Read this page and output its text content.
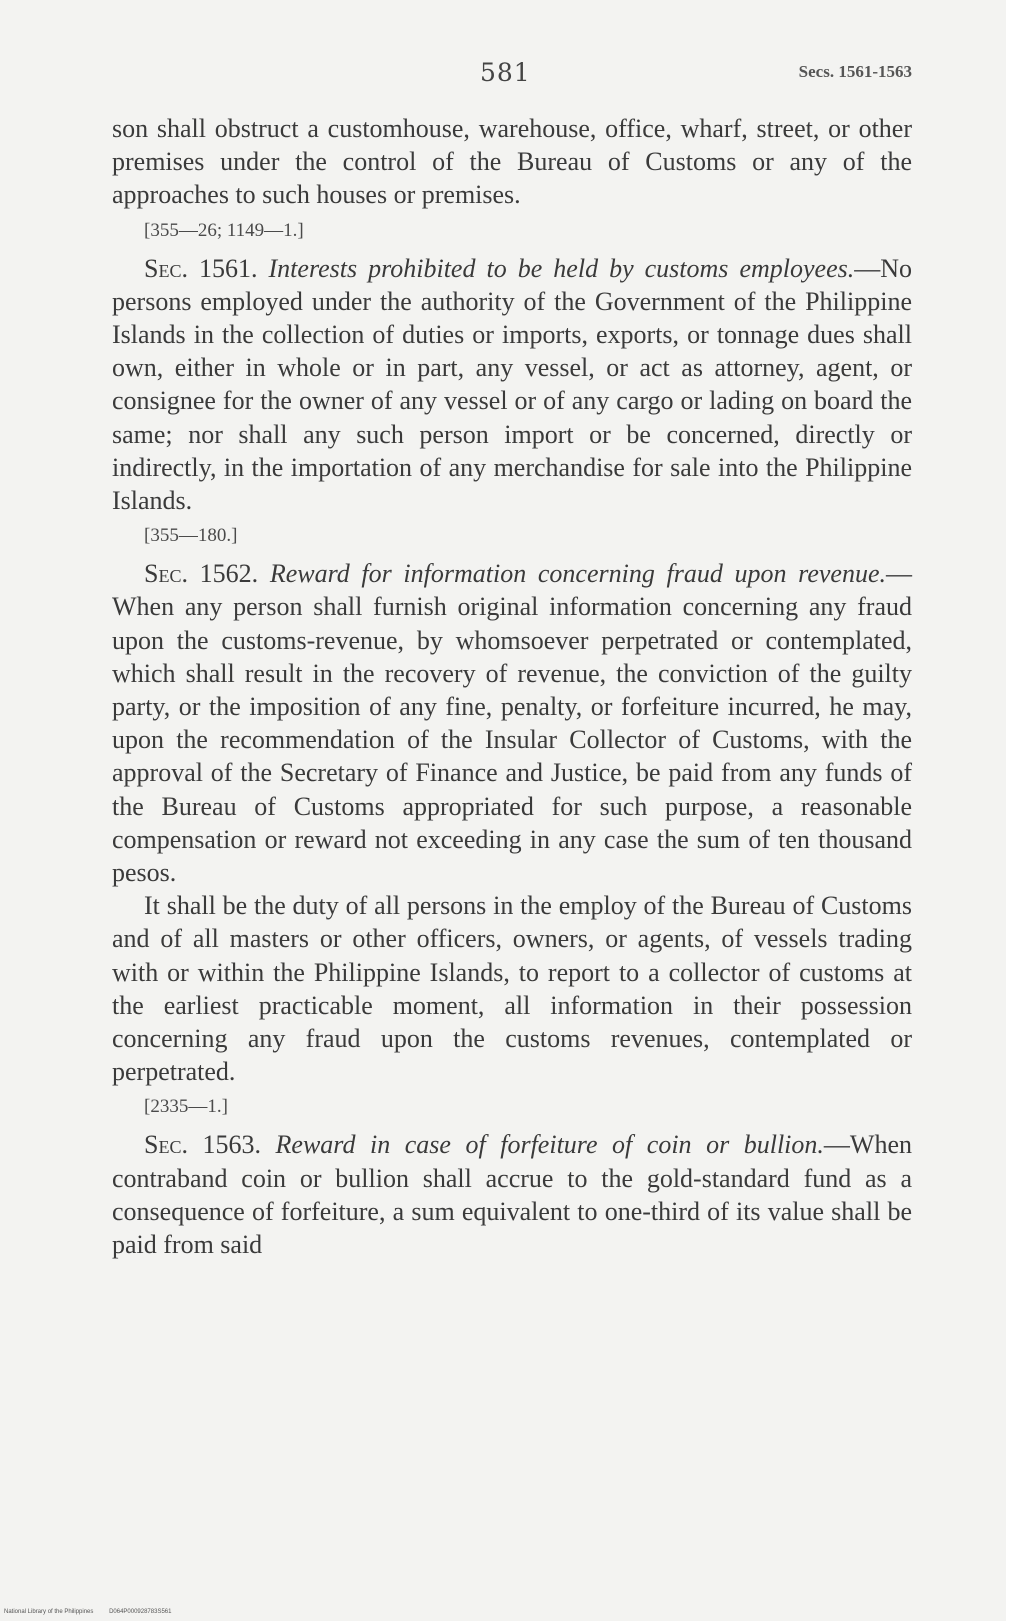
581	Secs. 1561-1563

son shall obstruct a customhouse, warehouse, office, wharf, street, or other premises under the control of the Bureau of Customs or any of the approaches to such houses or premises.

[355—26; 1149—1.]

Sec. 1561. Interests prohibited to be held by customs employees.—No persons employed under the authority of the Government of the Philippine Islands in the collection of duties or imports, exports, or tonnage dues shall own, either in whole or in part, any vessel, or act as attorney, agent, or consignee for the owner of any vessel or of any cargo or lading on board the same; nor shall any such person import or be concerned, directly or indirectly, in the importation of any merchandise for sale into the Philippine Islands.

[355—180.]

Sec. 1562. Reward for information concerning fraud upon revenue.—When any person shall furnish original information concerning any fraud upon the customs-revenue, by whomsoever perpetrated or contemplated, which shall result in the recovery of revenue, the conviction of the guilty party, or the imposition of any fine, penalty, or forfeiture incurred, he may, upon the recommendation of the Insular Collector of Customs, with the approval of the Secretary of Finance and Justice, be paid from any funds of the Bureau of Customs appropriated for such purpose, a reasonable compensation or reward not exceeding in any case the sum of ten thousand pesos.

It shall be the duty of all persons in the employ of the Bureau of Customs and of all masters or other officers, owners, or agents, of vessels trading with or within the Philippine Islands, to report to a collector of customs at the earliest practicable moment, all information in their possession concerning any fraud upon the customs revenues, contemplated or perpetrated.

[2335—1.]

Sec. 1563. Reward in case of forfeiture of coin or bullion.—When contraband coin or bullion shall accrue to the gold-standard fund as a consequence of forfeiture, a sum equivalent to one-third of its value shall be paid from said

National Library of the Philippines	D064P000928783S561
